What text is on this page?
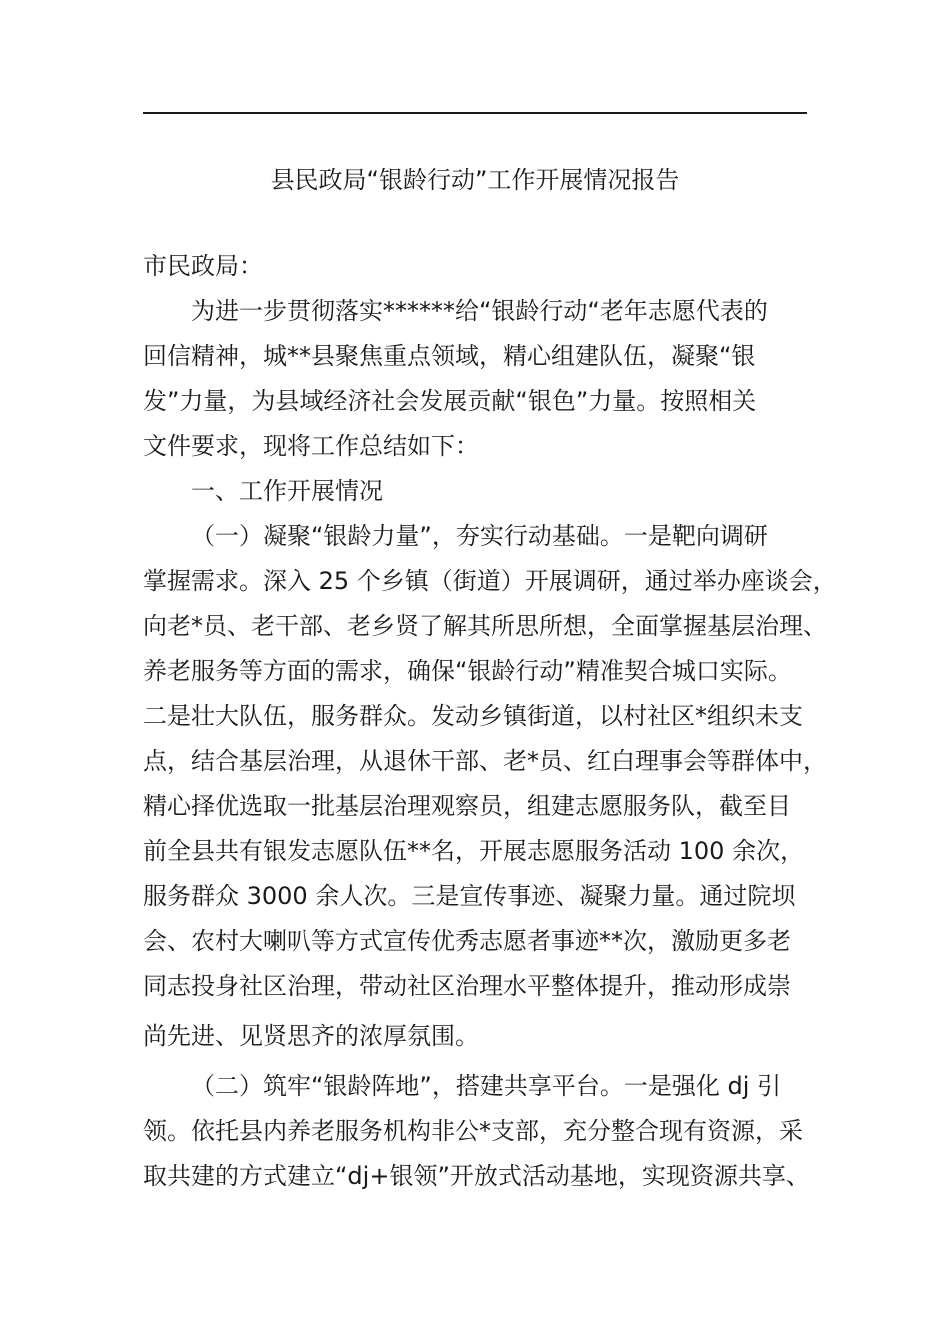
县民政局“银龄行动”工作开展情况报告

市民政局：

为进一步贯彻落实******给“银龄行动“老年志愿代表的

回信精神，城**县聚焦重点领域，精心组建队伍，凝聚“银

发”力量，为县域经济社会发展贡献“银色”力量。按照相关

文件要求，现将工作总结如下：

一、工作开展情况

（一）凝聚“银龄力量”，夯实行动基础。一是靶向调研

掌握需求。深入 25 个乡镇（街道）开展调研，通过举办座谈会，

向老*员、老干部、老乡贤了解其所思所想，全面掌握基层治理、

养老服务等方面的需求，确保“银龄行动”精准契合城口实际。

二是壮大队伍，服务群众。发动乡镇街道，以村社区*组织未支

点，结合基层治理，从退休干部、老*员、红白理事会等群体中，

精心择优选取一批基层治理观察员，组建志愿服务队，截至目

前全县共有银发志愿队伍**名，开展志愿服务活动 100 余次，

服务群众 3000 余人次。三是宣传事迹、凝聚力量。通过院坝

会、农村大喇叭等方式宣传优秀志愿者事迹**次，激励更多老

同志投身社区治理，带动社区治理水平整体提升，推动形成崇

尚先进、见贤思齐的浓厚氛围。

（二）筑牢“银龄阵地”，搭建共享平台。一是强化 dj 引

领。依托县内养老服务机构非公*支部，充分整合现有资源，采

取共建的方式建立“dj+银领”开放式活动基地，实现资源共享、
